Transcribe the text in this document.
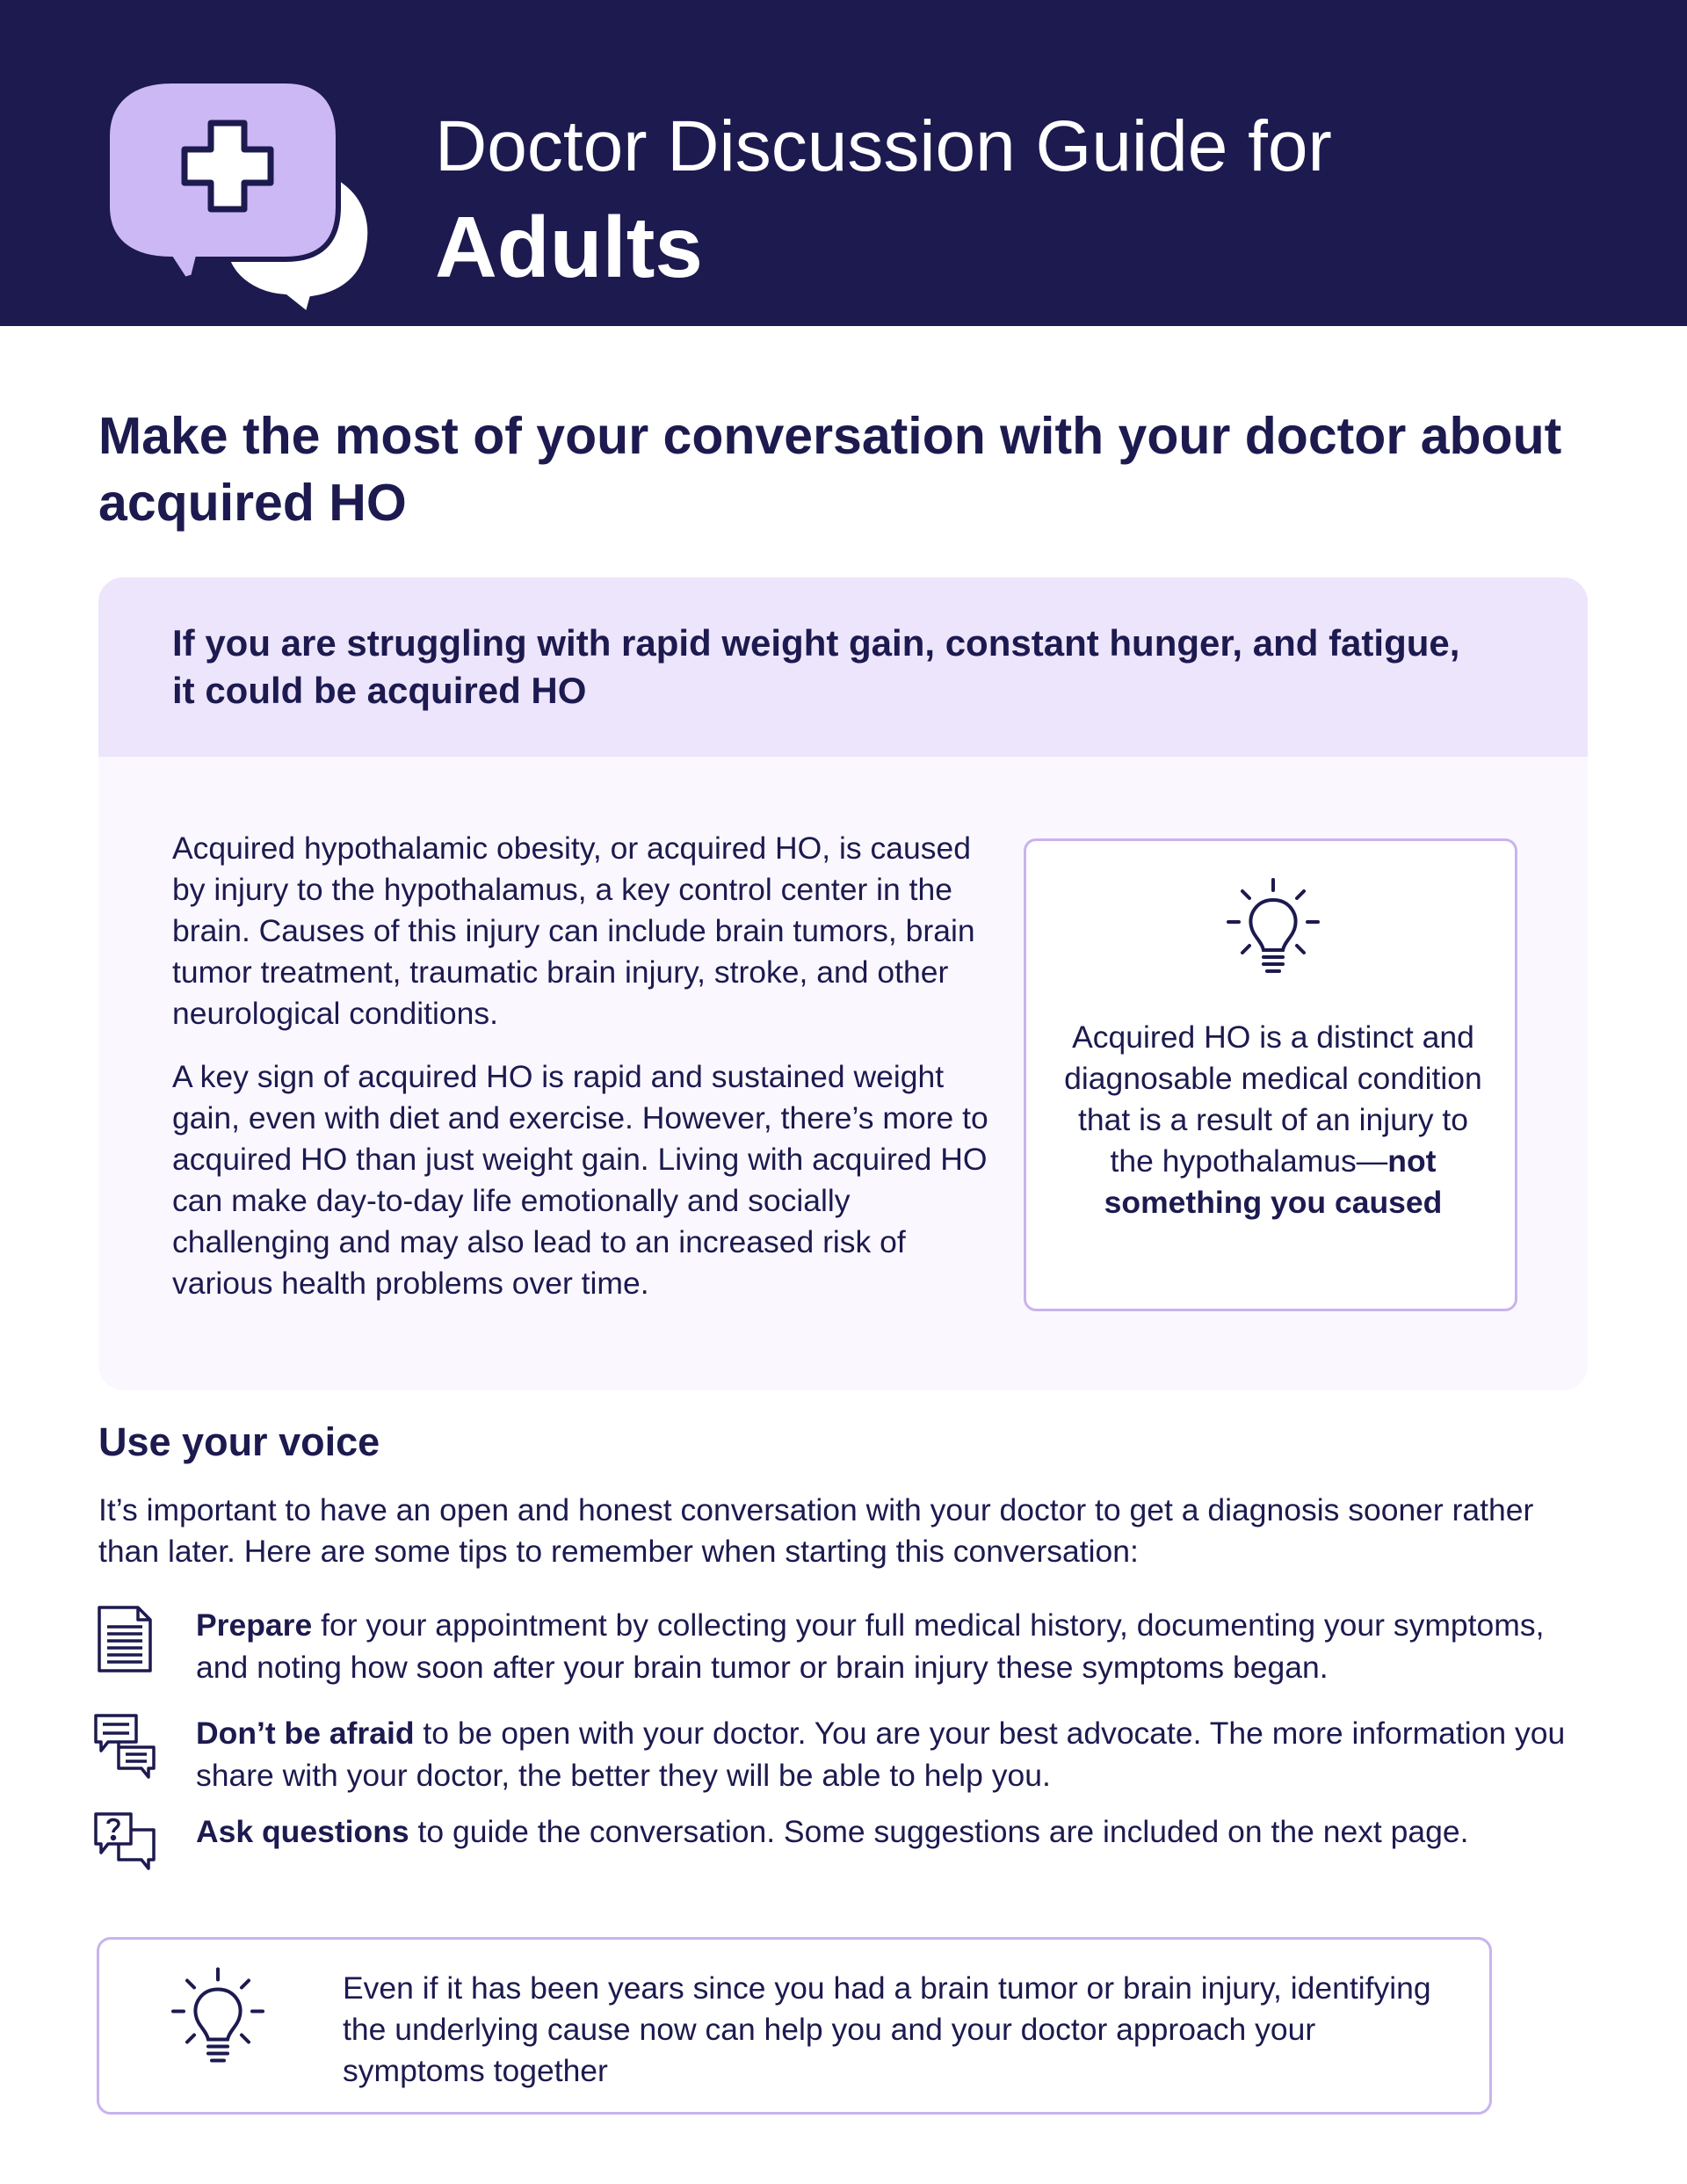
Doctor Discussion Guide for
Adults
Make the most of your conversation with your doctor about acquired HO
If you are struggling with rapid weight gain, constant hunger, and fatigue, it could be acquired HO

Acquired hypothalamic obesity, or acquired HO, is caused by injury to the hypothalamus, a key control center in the brain. Causes of this injury can include brain tumors, brain tumor treatment, traumatic brain injury, stroke, and other neurological conditions.

A key sign of acquired HO is rapid and sustained weight gain, even with diet and exercise. However, there’s more to acquired HO than just weight gain. Living with acquired HO can make day-to-day life emotionally and socially challenging and may also lead to an increased risk of various health problems over time.

Acquired HO is a distinct and diagnosable medical condition that is a result of an injury to the hypothalamus—not something you caused
Use your voice
It’s important to have an open and honest conversation with your doctor to get a diagnosis sooner rather than later. Here are some tips to remember when starting this conversation:
Prepare for your appointment by collecting your full medical history, documenting your symptoms, and noting how soon after your brain tumor or brain injury these symptoms began.
Don’t be afraid to be open with your doctor. You are your best advocate. The more information you share with your doctor, the better they will be able to help you.
Ask questions to guide the conversation. Some suggestions are included on the next page.
Even if it has been years since you had a brain tumor or brain injury, identifying the underlying cause now can help you and your doctor approach your symptoms together
